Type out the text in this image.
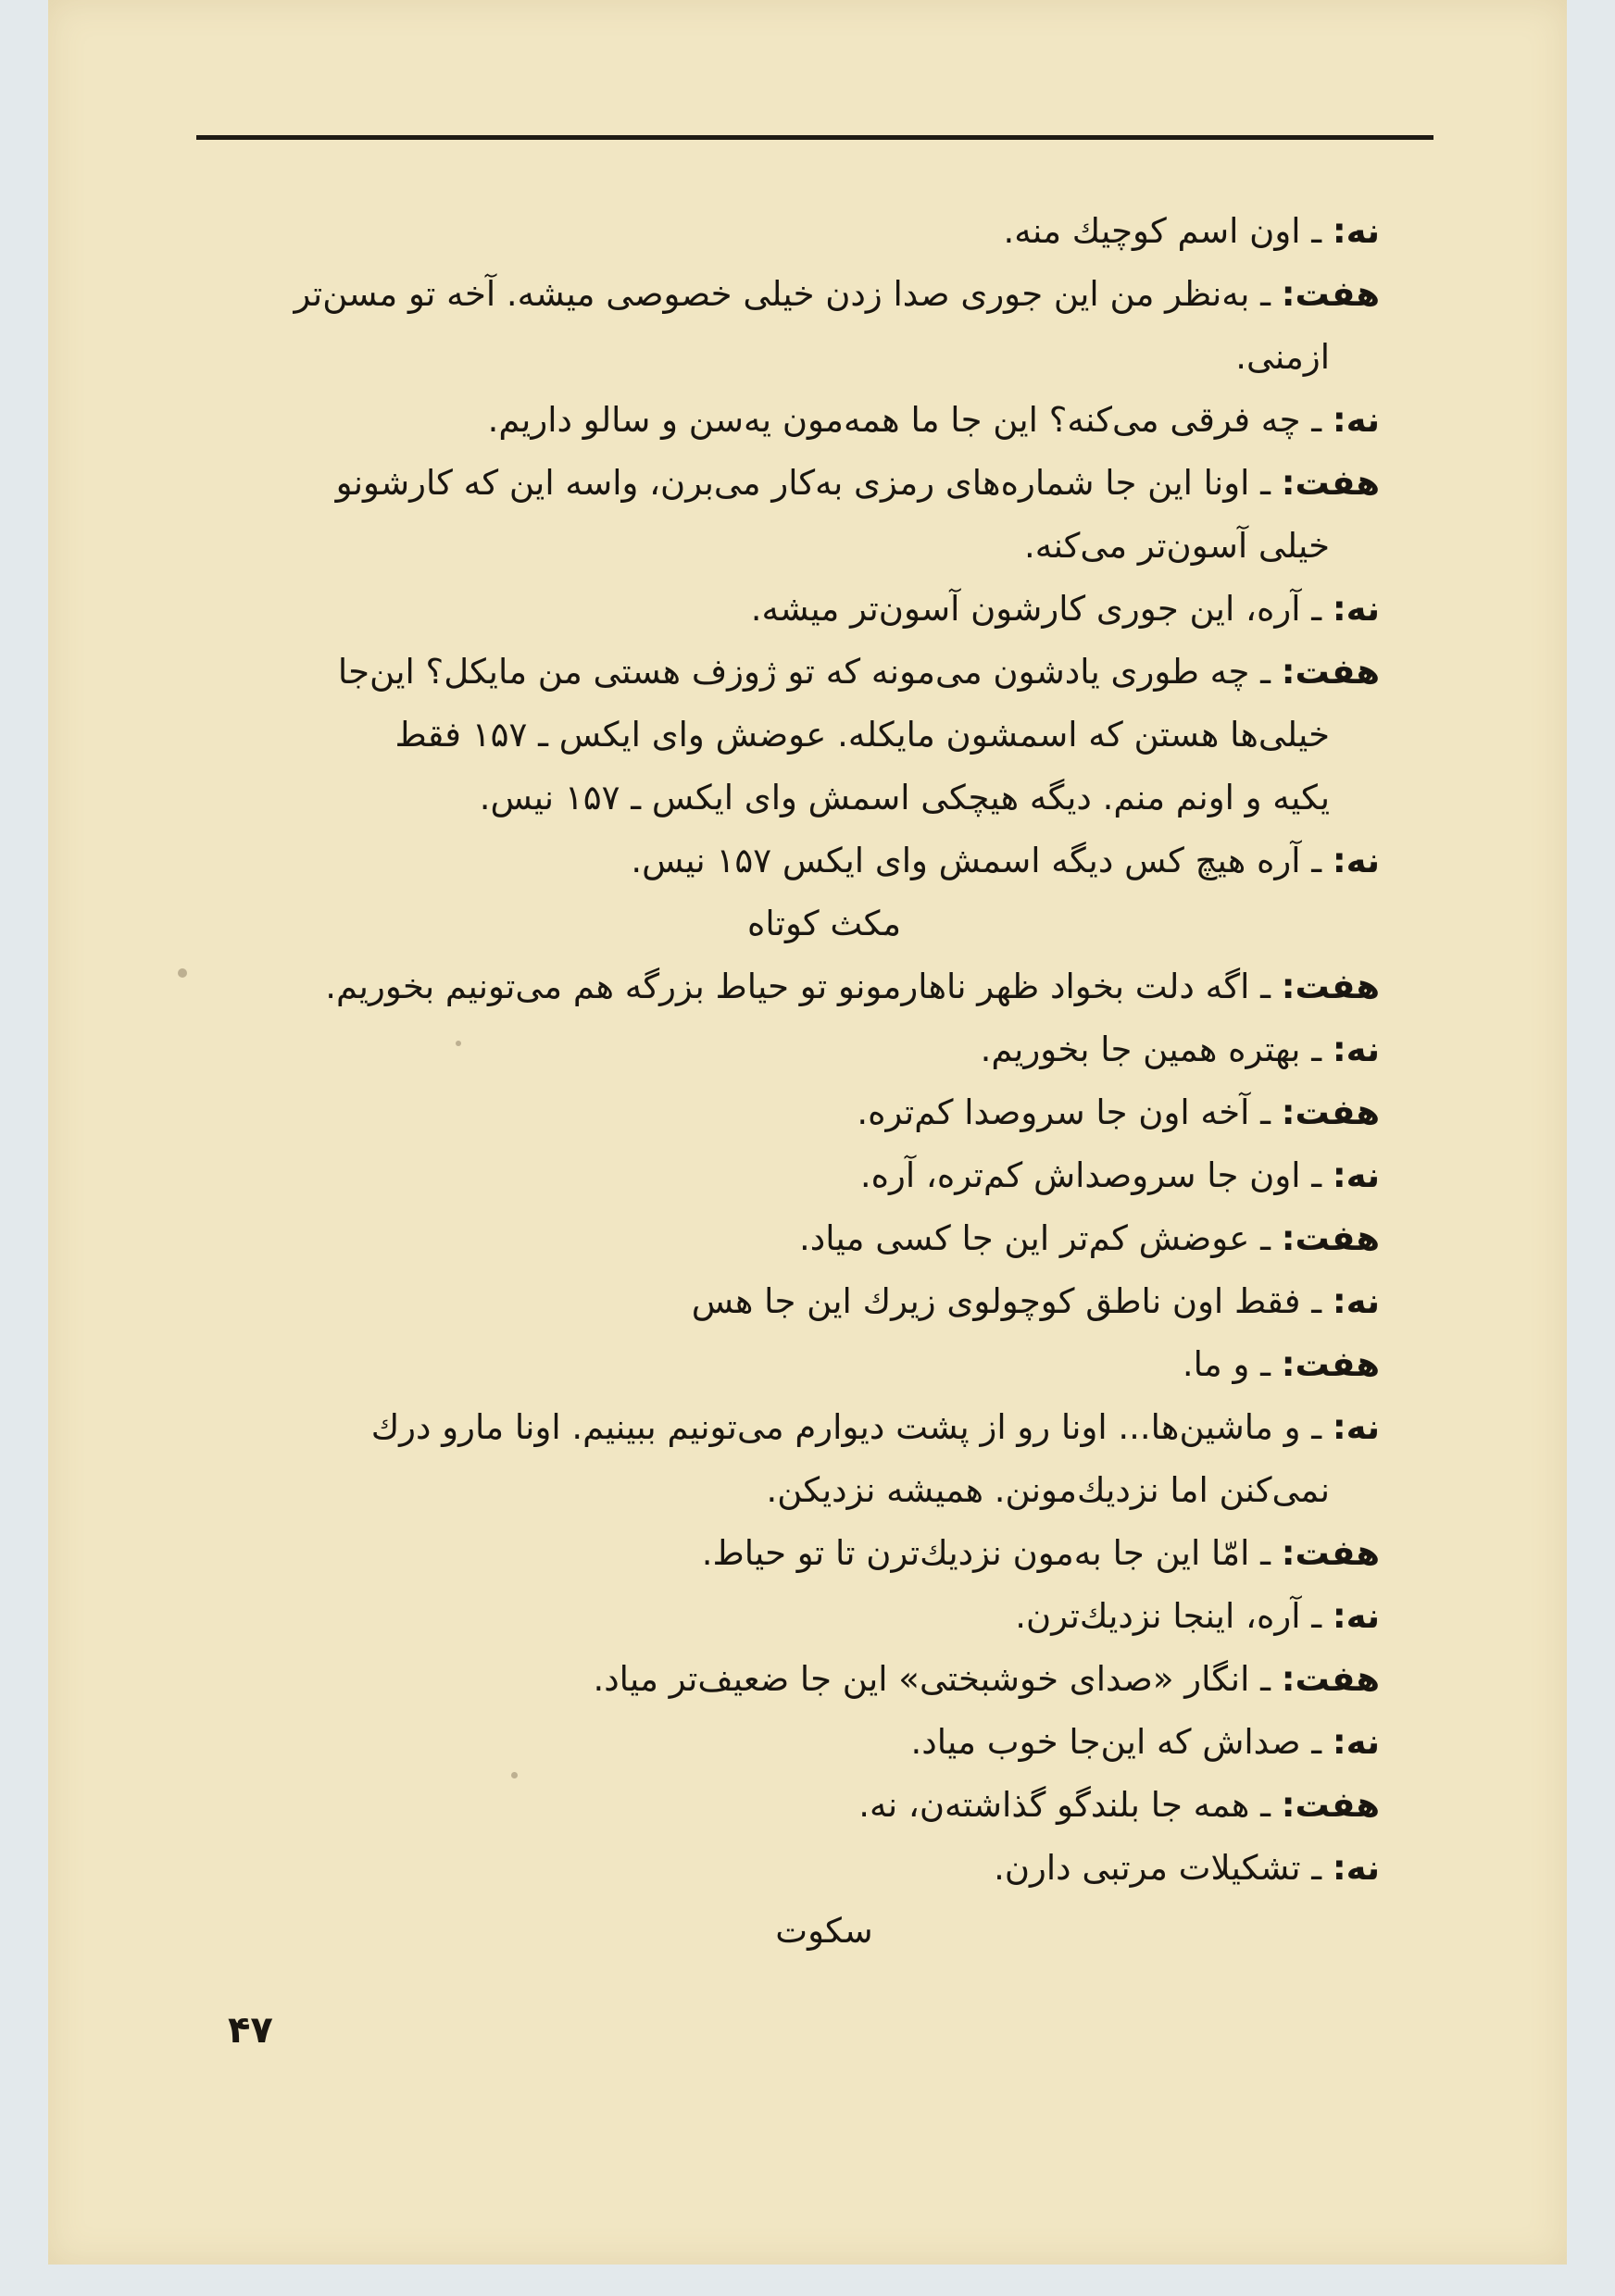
نه: ـ اون اسم کوچیك منه.
هفت: ـ به‌نظر من این جوری صدا زدن خیلی خصوصی میشه. آخه تو مسن‌تر
ازمنی.
نه: ـ چه فرقی می‌کنه؟ این جا ما همه‌مون یه‌سن و سالو داریم.
هفت: ـ اونا این جا شماره‌های رمزی به‌کار می‌برن، واسه این که کارشونو
خیلی آسون‌تر می‌کنه.
نه: ـ آره، این جوری کارشون آسون‌تر میشه.
هفت: ـ چه طوری یادشون می‌مونه که تو ژوزف هستی من مایکل؟ این‌جا
خیلی‌ها هستن که اسمشون مایکله. عوضش وای ایکس ـ ۱۵۷ فقط
یکیه و اونم منم. دیگه هیچکی اسمش وای ایکس ـ ۱۵۷ نیس.
نه: ـ آره هیچ کس دیگه اسمش وای ایکس ۱۵۷ نیس.
مکث کوتاه
هفت: ـ اگه دلت بخواد ظهر ناهارمونو تو حیاط بزرگه هم می‌تونیم بخوریم.
نه: ـ بهتره همین جا بخوریم.
هفت: ـ آخه اون جا سروصدا کم‌تره.
نه: ـ اون جا سروصداش کم‌تره، آره.
هفت: ـ عوضش کم‌تر این جا کسی میاد.
نه: ـ فقط اون ناطق کوچولوی زیرك این جا هس
هفت: ـ و ما.
نه: ـ و ماشین‌ها... اونا رو از پشت دیوارم می‌تونیم ببینیم. اونا مارو درك
نمی‌کنن اما نزدیك‌مونن. همیشه نزدیکن.
هفت: ـ امّا این جا به‌مون نزدیك‌ترن تا تو حیاط.
نه: ـ آره، اینجا نزدیك‌ترن.
هفت: ـ انگار «صدای خوشبختی» این جا ضعیف‌تر میاد.
نه: ـ صداش که این‌جا خوب میاد.
هفت: ـ همه جا بلندگو گذاشته‌ن، نه.
نه: ـ تشکیلات مرتبی دارن.
سکوت
۴۷
